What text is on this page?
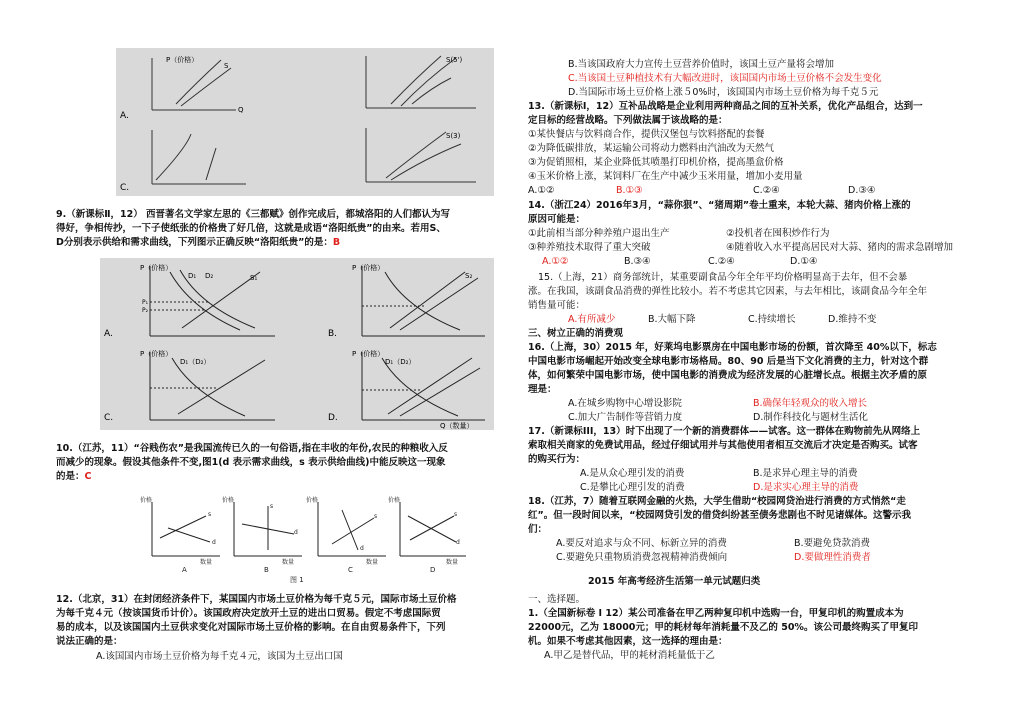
P（价格）
Q
S
A.
S(5')
C.
S(3)
9.（新课标Ⅱ，12） 西晋著名文学家左思的《三都赋》创作完成后，都城洛阳的人们都认为写
得好，争相传抄，一下子使纸张的价格贵了好几倍，这就是成语“洛阳纸贵”的由来。若用S、
D分别表示供给和需求曲线，下列图示正确反映“洛阳纸贵”的是：B
P（价格）
D₁ D₂	S₁
P₁
P₂
A.
P（价格）
S₂
B.
P（价格）
D₁（D₂）
C.
P（价格）
D₁（D₂）
D.
Q（数量）
10.（江苏，11）“谷贱伤农”是我国流传已久的一句俗语,指在丰收的年份,农民的种粮收入反
而减少的现象。假设其他条件不变,图1(d 表示需求曲线，s 表示供给曲线)中能反映这一现象
的是：C
价格
s
d
数量
A
价格
s
d
数量
B
价格
d
s
数量
C
价格
d
s
数量
D
图 1
12.（北京，31）在封闭经济条件下，某国国内市场土豆价格为每千克５元，国际市场土豆价格
为每千克４元（按该国货币计价）。该国政府决定放开土豆的进出口贸易。假定不考虑国际贸
易的成本，以及该国国内土豆供求变化对国际市场土豆价格的影响。在自由贸易条件下，下列
说法正确的是：
A.该国国内市场土豆价格为每千克４元，该国为土豆出口国
B.当该国政府大力宣传土豆营养价值时，该国土豆产量将会增加
C.当该国土豆种植技术有大幅改进时，该国国内市场土豆价格不会发生变化
D.当国际市场土豆价格上涨５0%时，该国国内市场土豆价格为每千克５元
13.（新课标Ⅰ，12）互补品战略是企业利用两种商品之间的互补关系，优化产品组合，达到一
定目标的经营战略。下列做法属于该战略的是：
①某快餐店与饮料商合作，提供汉堡包与饮料搭配的套餐
②为降低碳排放，某运输公司将动力燃料由汽油改为天然气
③为促销照相，某企业降低其喷墨打印机价格，提高墨盒价格
④玉米价格上涨，某饲料厂在生产中减少玉米用量，增加小麦用量
A.①②	B.①③	C.②④	D.③④
14.（浙江24）2016年3月，“蒜你狠”、“猪周期”卷土重来，本轮大蒜、猪肉价格上涨的
原因可能是：
①此前相当部分种养殖户退出生产	②投机者在囤积炒作行为
③种养殖技术取得了重大突破	④随着收入水平提高居民对大蒜、猪肉的需求急剧增加
A.①②	B.③④	C.②④	D.①④
15.（上海，21）商务部统计，某重要副食品今年全年平均价格明显高于去年，但不会暴
涨。在我国，该副食品消费的弹性比较小。若不考虑其它因素，与去年相比，该副食品今年全年
销售量可能：
A.有所减少	B.大幅下降	C.持续增长	D.维持不变
三、树立正确的消费观
16.（上海，30）2015 年，好莱坞电影票房在中国电影市场的份额，首次降至 40%以下，标志
中国电影市场崛起开始改变全球电影市场格局。80、90 后是当下文化消费的主力，针对这个群
体，如何繁荣中国电影市场，使中国电影的消费成为经济发展的心脏增长点。根据主次矛盾的原
理是：
A.在城乡购物中心增设影院	B.确保年轻观众的收入增长
C.加大广告制作等营销力度	D.制作科技化与题材生活化
17.（新课标III，13）时下出现了一个新的消费群体——试客。这一群体在购物前先从网络上
索取相关商家的免费试用品，经过仔细试用并与其他使用者相互交流后才决定是否购买。试客
的购买行为：
A.是从众心理引发的消费	B.是求异心理主导的消费
C.是攀比心理引发的消费	D.是求实心理主导的消费
18.（江苏，7）随着互联网金融的火热，大学生借助“校园网贷治进行消费的方式悄然“走
红”。但一段时间以来，“校园网贷引发的借贷纠纷甚至债务悲剧也不时见诸媒体。这警示我
们：
A.要反对追求与众不同、标新立异的消费	B.要避免贷款消费
C.要避免只重物质消费忽视精神消费倾向	D.要做理性消费者
2015 年高考经济生活第一单元试题归类
一、选择题。
1.（全国新标卷 I 12）某公司准备在甲乙两种复印机中选购一台，甲复印机的购置成本为
22000元，乙为 18000元；甲的耗材每年消耗量不及乙的 50%。该公司最终购买了甲复印
机。如果不考虑其他因素，这一选择的理由是：
A.甲乙是替代品，甲的耗材消耗量低于乙
